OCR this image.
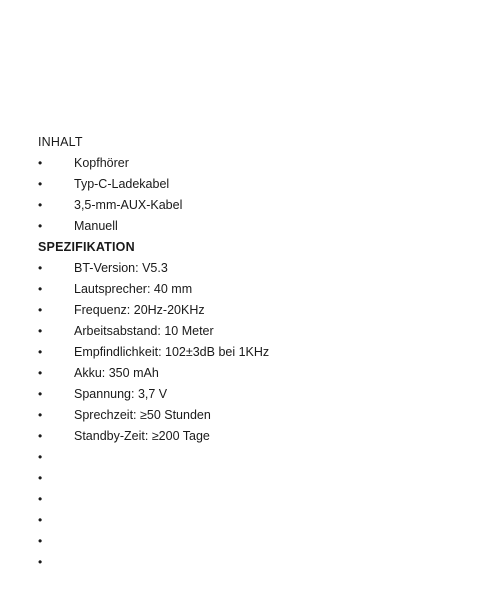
INHALT
•	Kopfhörer
•	Typ-C-Ladekabel
•	3,5-mm-AUX-Kabel
•	Manuell
SPEZIFIKATION
•	BT-Version: V5.3
•	Lautsprecher: 40 mm
•	Frequenz: 20Hz-20KHz
•	Arbeitsabstand: 10 Meter
•	Empfindlichkeit: 102±3dB bei 1KHz
•	Akku: 350 mAh
•	Spannung: 3,7 V
•	Sprechzeit: ≥50 Stunden
•	Standby-Zeit: ≥200 Tage
•
•
•
•
•
•
